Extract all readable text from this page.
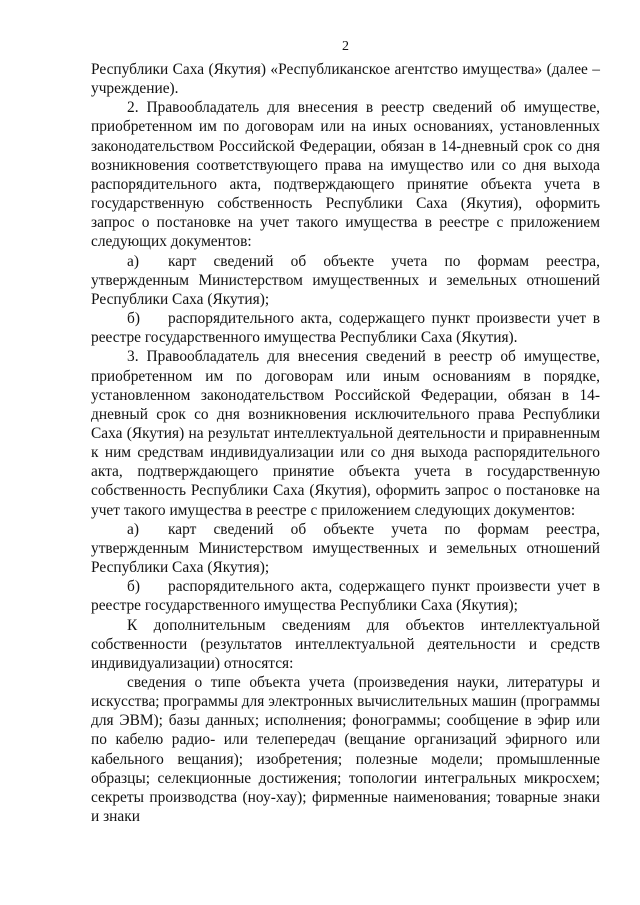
2

Республики Саха (Якутия) «Республиканское агентство имущества» (далее – учреждение).

2. Правообладатель для внесения в реестр сведений об имуществе, приобретенном им по договорам или на иных основаниях, установленных законодательством Российской Федерации, обязан в 14-дневный срок со дня возникновения соответствующего права на имущество или со дня выхода распорядительного акта, подтверждающего принятие объекта учета в государственную собственность Республики Саха (Якутия), оформить запрос о постановке на учет такого имущества в реестре с приложением следующих документов:

а) карт сведений об объекте учета по формам реестра, утвержденным Министерством имущественных и земельных отношений Республики Саха (Якутия);

б) распорядительного акта, содержащего пункт произвести учет в реестре государственного имущества Республики Саха (Якутия).

3. Правообладатель для внесения сведений в реестр об имуществе, приобретенном им по договорам или иным основаниям в порядке, установленном законодательством Российской Федерации, обязан в 14-дневный срок со дня возникновения исключительного права Республики Саха (Якутия) на результат интеллектуальной деятельности и приравненным к ним средствам индивидуализации или со дня выхода распорядительного акта, подтверждающего принятие объекта учета в государственную собственность Республики Саха (Якутия), оформить запрос о постановке на учет такого имущества в реестре с приложением следующих документов:

а) карт сведений об объекте учета по формам реестра, утвержденным Министерством имущественных и земельных отношений Республики Саха (Якутия);

б) распорядительного акта, содержащего пункт произвести учет в реестре государственного имущества Республики Саха (Якутия);

К дополнительным сведениям для объектов интеллектуальной собственности (результатов интеллектуальной деятельности и средств индивидуализации) относятся:

сведения о типе объекта учета (произведения науки, литературы и искусства; программы для электронных вычислительных машин (программы для ЭВМ); базы данных; исполнения; фонограммы; сообщение в эфир или по кабелю радио- или телепередач (вещание организаций эфирного или кабельного вещания); изобретения; полезные модели; промышленные образцы; селекционные достижения; топологии интегральных микросхем; секреты производства (ноу-хау); фирменные наименования; товарные знаки и знаки
